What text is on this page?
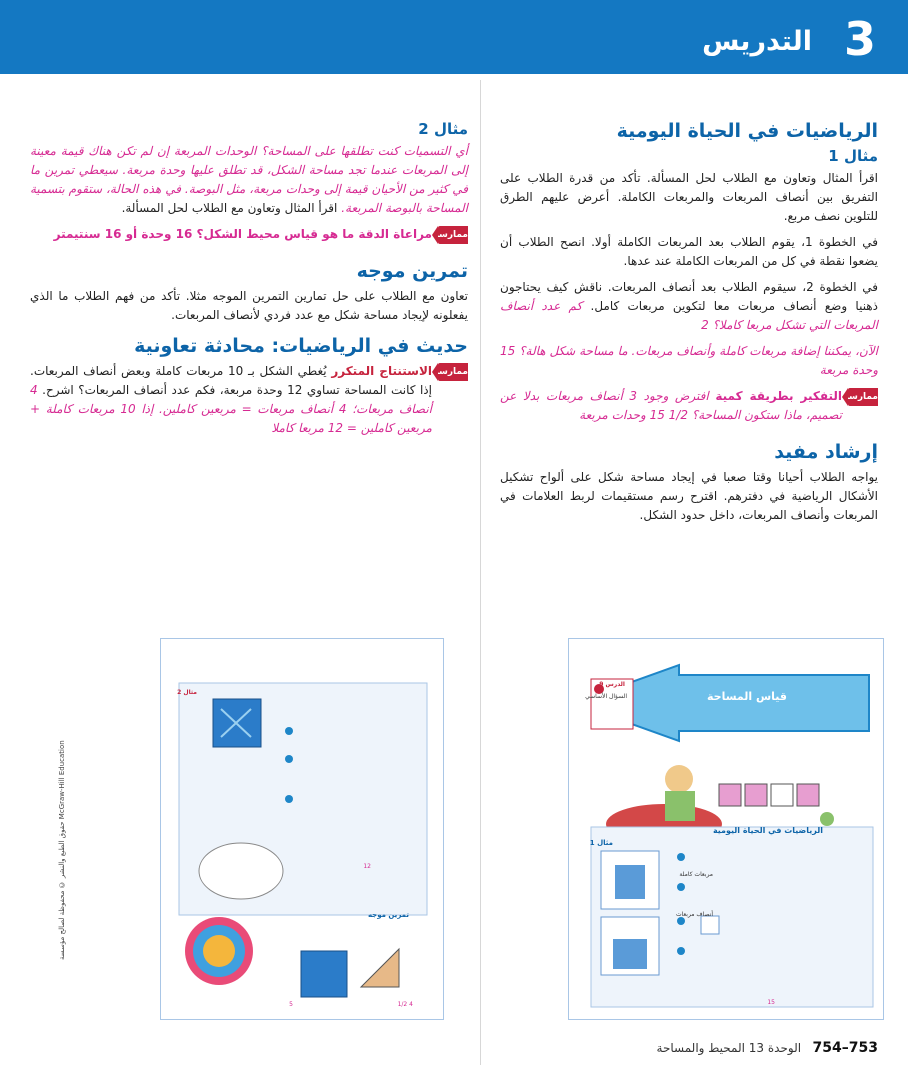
3
التدريس
الرياضيات في الحياة اليومية
مثال 1

اقرأ المثال وتعاون مع الطلاب لحل المسألة. تأكد من قدرة الطلاب على التفريق بين أنصاف المربعات والمربعات الكاملة. أعرض عليهم الطرق للتلوين نصف مربع.

في الخطوة 1، يقوم الطلاب بعد المربعات الكاملة أولا. انصح الطلاب أن يضعوا نقطة في كل من المربعات الكاملة عند عدها.

في الخطوة 2، سيقوم الطلاب بعد أنصاف المربعات. ناقش كيف يحتاجون ذهنيا وضع أنصاف مربعات معا لتكوين مربعات كامل. كم عدد أنصاف المربعات التي تشكل مربعا كاملا؟ 2

الآن، يمكننا إضافة مربعات كاملة وأنصاف مربعات. ما مساحة شكل هالة؟ 15 وحدة مربعة

ممارسة
التفكير بطريقة كمية افترض وجود 3 أنصاف مربعات بدلا عن تصميم، ماذا ستكون المساحة؟ 1/2 15 وحدات مربعة
إرشاد مفيد

يواجه الطلاب أحيانا وقتا صعبا في إيجاد مساحة شكل على ألواح تشكيل الأشكال الرياضية في دفترهم. اقترح رسم مستقيمات لربط العلامات في المربعات وأنصاف المربعات، داخل حدود الشكل.

مثال 2

أي التسميات كنت تطلقها على المساحة؟ الوحدات المربعة إن لم تكن هناك قيمة معينة إلى المربعات عندما تجد مساحة الشكل، قد تطلق عليها وحدة مربعة. سيعطي تمرين ما في كثير من الأحيان قيمة إلى وحدات مربعة، مثل البوصة. في هذه الحالة، ستقوم بتسمية المساحة بالبوصة المربعة. اقرأ المثال وتعاون مع الطلاب لحل المسألة.

ممارسة
مراعاة الدقة ما هو قياس محيط الشكل؟ 16 وحدة أو 16 سنتيمتر
تمرين موجه

تعاون مع الطلاب على حل تمارين التمرين الموجه مثلا. تأكد من فهم الطلاب ما الذي يفعلونه لإيجاد مساحة شكل مع عدد فردي لأنصاف المربعات.

حديث في الرياضيات: محادثة تعاونية
ممارسة
الاستنتاج المتكرر يُغطي الشكل بـ 10 مربعات كاملة وبعض أنصاف المربعات. إذا كانت المساحة تساوي 12 وحدة مربعة، فكم عدد أنصاف المربعات؟ اشرح. 4 أنصاف مربعات؛ 4 أنصاف مربعات = مربعين كاملين. إذا 10 مربعات كاملة + مربعين كاملين = 12 مربعا كاملا
قياس المساحة
الدرس 9
السؤال الأساسي
الرياضيات في الحياة اليومية
مثال 1
مربعات كاملة
أنصاف مربعات
15
مثال 2
تمرين موجه
12
5	4 1/2
حقوق الطبع والنشر © محفوظة لصالح مؤسسة McGraw-Hill Education
753–754   الوحدة 13 المحيط والمساحة
